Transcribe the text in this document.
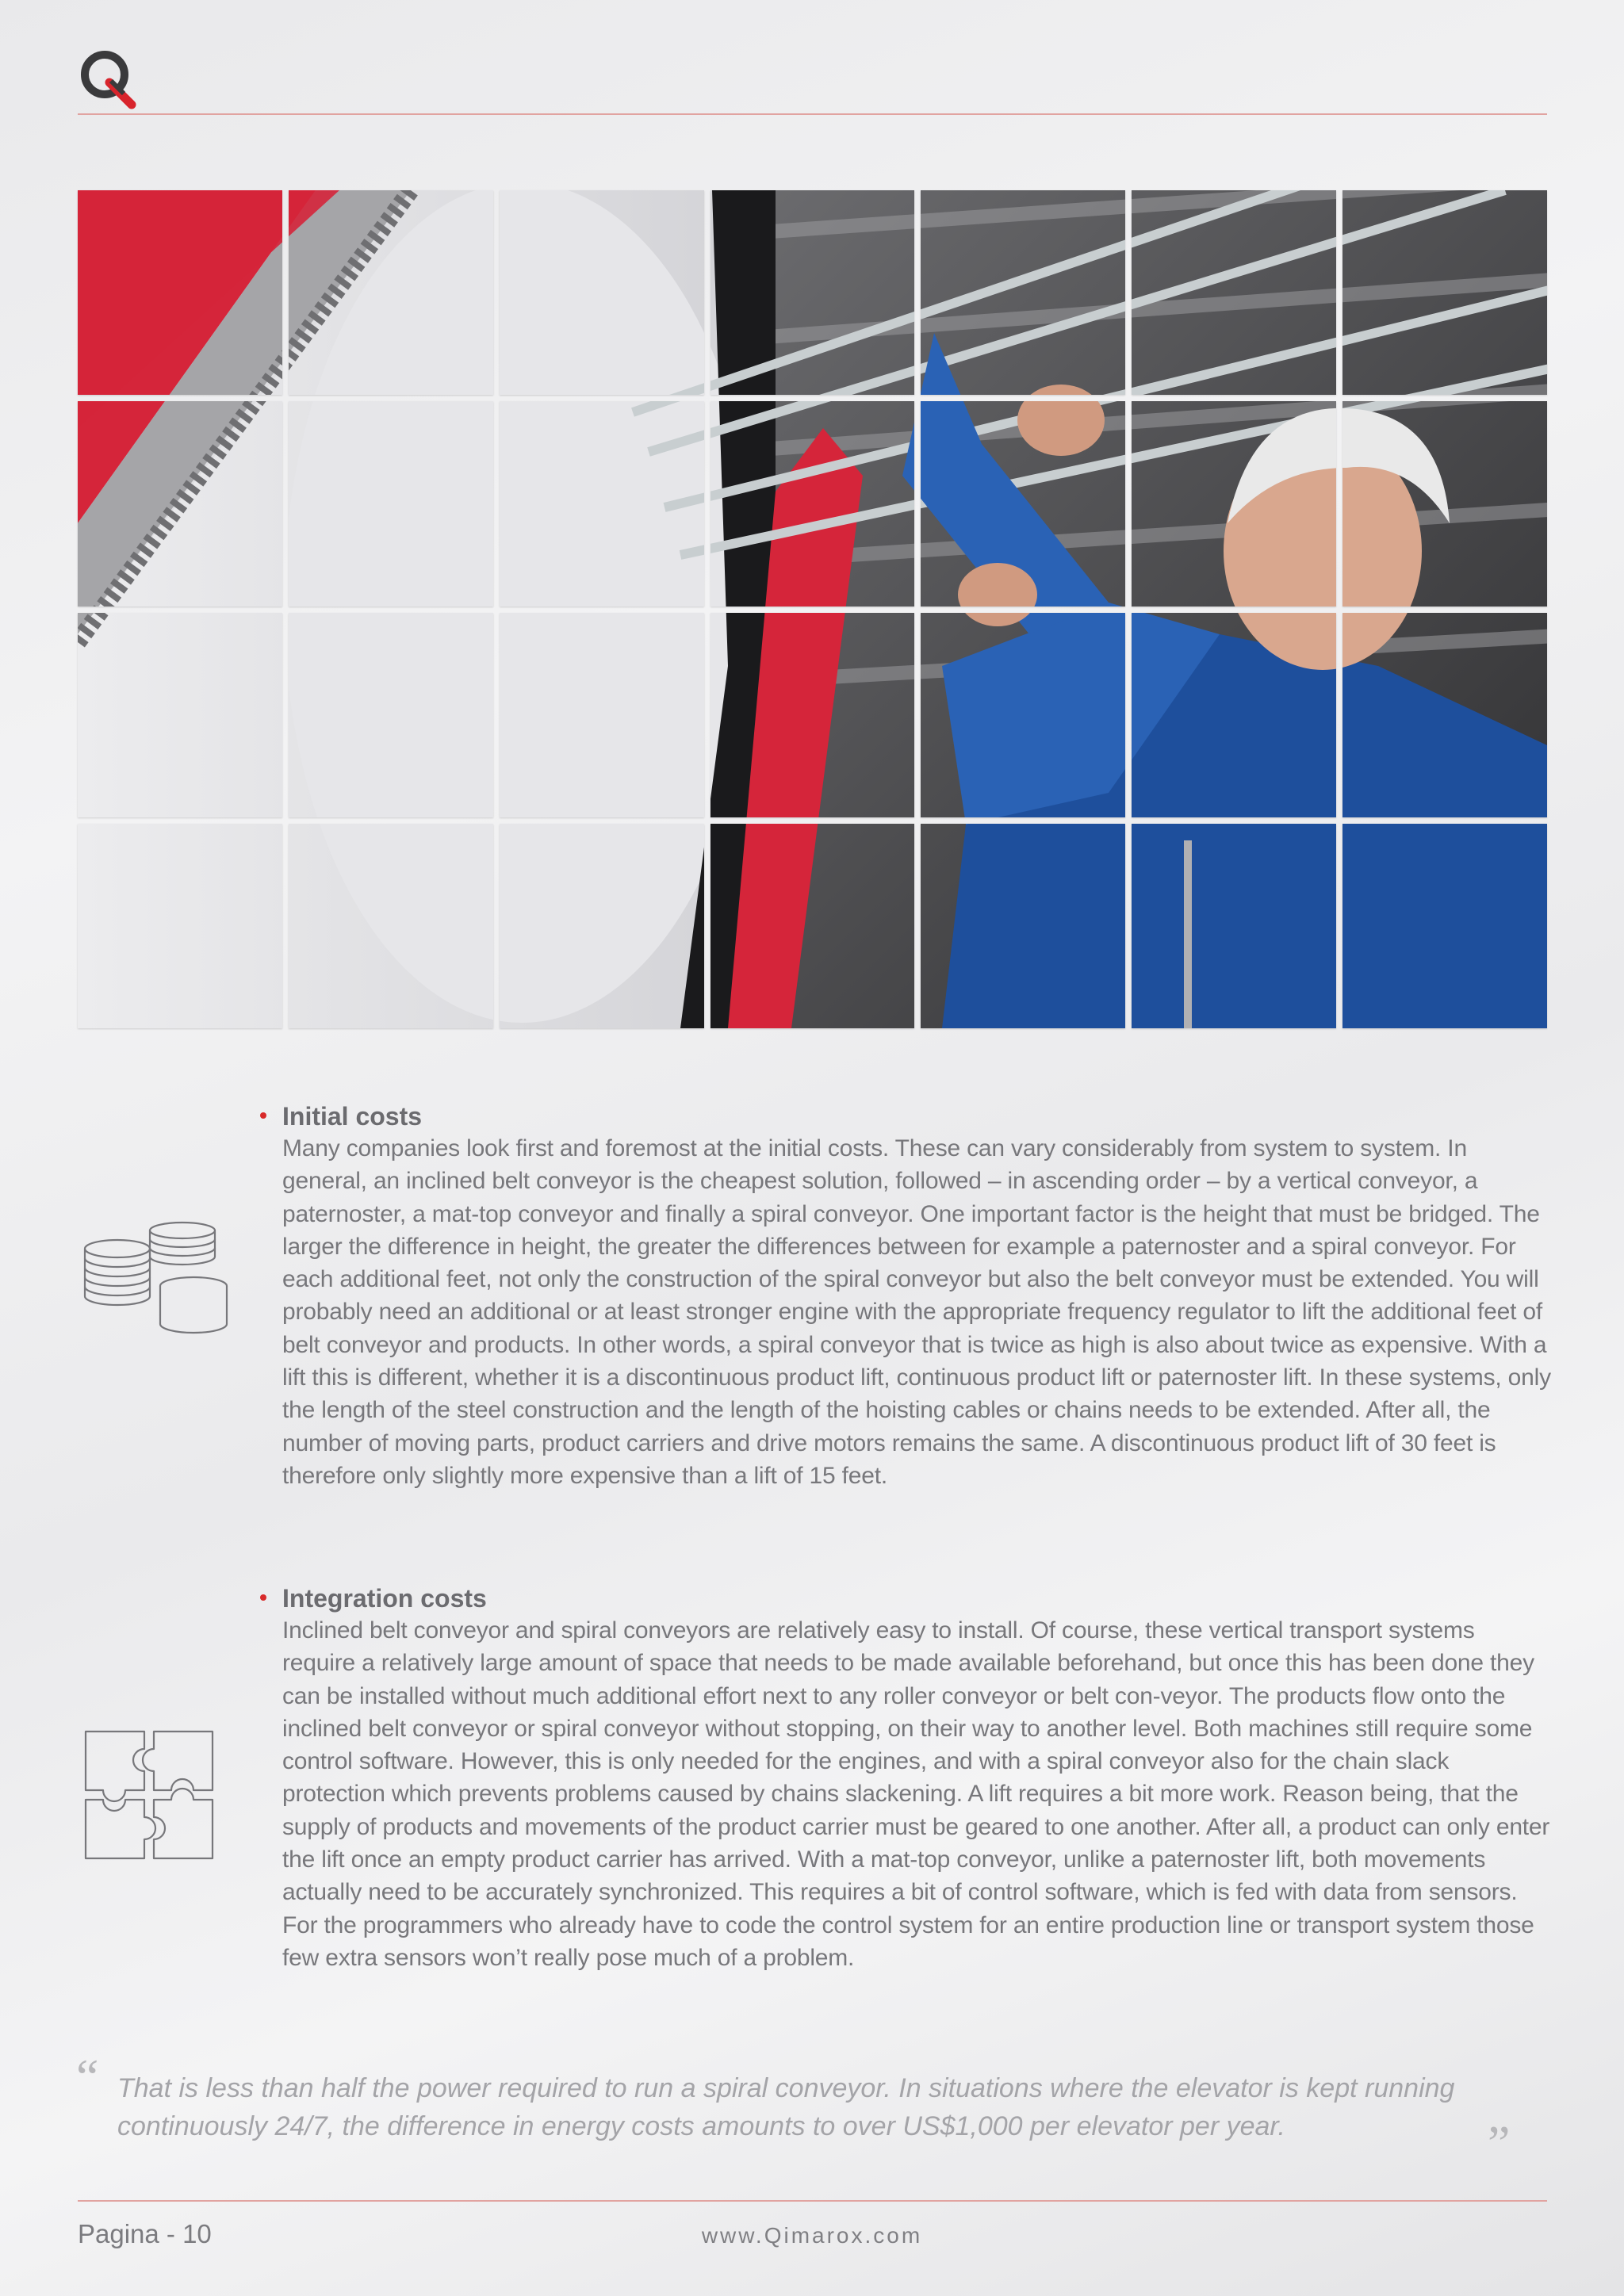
Initial costs

Many companies look first and foremost at the initial costs. These can vary considerably from system to system. In general, an inclined belt conveyor is the cheapest solution, followed – in ascending order – by a vertical conveyor, a paternoster, a mat-top conveyor and finally a spiral conveyor. One important factor is the height that must be bridged. The larger the difference in height, the greater the differences between for example a paternoster and a spiral conveyor. For each additional feet, not only the construction of the spiral conveyor but also the belt conveyor must be extended. You will probably need an additional or at least stronger engine with the appropriate frequency regulator to lift the additional feet of belt conveyor and products. In other words, a spiral conveyor that is twice as high is also about twice as expensive. With a lift this is different, whether it is a discontinuous product lift, continuous product lift or paternoster lift. In these systems, only the length of the steel construction and the length of the hoisting cables or chains needs to be extended. After all, the number of moving parts, product carriers and drive motors remains the same. A discontinuous product lift of 30 feet is therefore only slightly more expensive than a lift of 15 feet.

Integration costs

Inclined belt conveyor and spiral conveyors are relatively easy to install. Of course, these vertical transport systems require a relatively large amount of space that needs to be made available beforehand, but once this has been done they can be installed without much additional effort next to any roller conveyor or belt con-veyor. The products flow onto the inclined belt conveyor or spiral conveyor without stopping, on their way to another level. Both machines still require some control software. However, this is only needed for the engines, and with a spiral conveyor also for the chain slack protection which prevents problems caused by chains slackening. A lift requires a bit more work. Reason being, that the supply of products and movements of the product carrier must be geared to one another. After all, a product can only enter the lift once an empty product carrier has arrived. With a mat-top conveyor, unlike a paternoster lift, both movements actually need to be accurately synchronized. This requires a bit of control software, which is fed with data from sensors. For the programmers who already have to code the control system for an entire production line or transport system those few extra sensors won’t really pose much of a problem.

“ That is less than half the power required to run a spiral conveyor. In situations where the elevator is kept running continuously 24/7, the difference in energy costs amounts to over US$1,000 per elevator per year.	”
Pagina - 10	www.Qimarox.com
